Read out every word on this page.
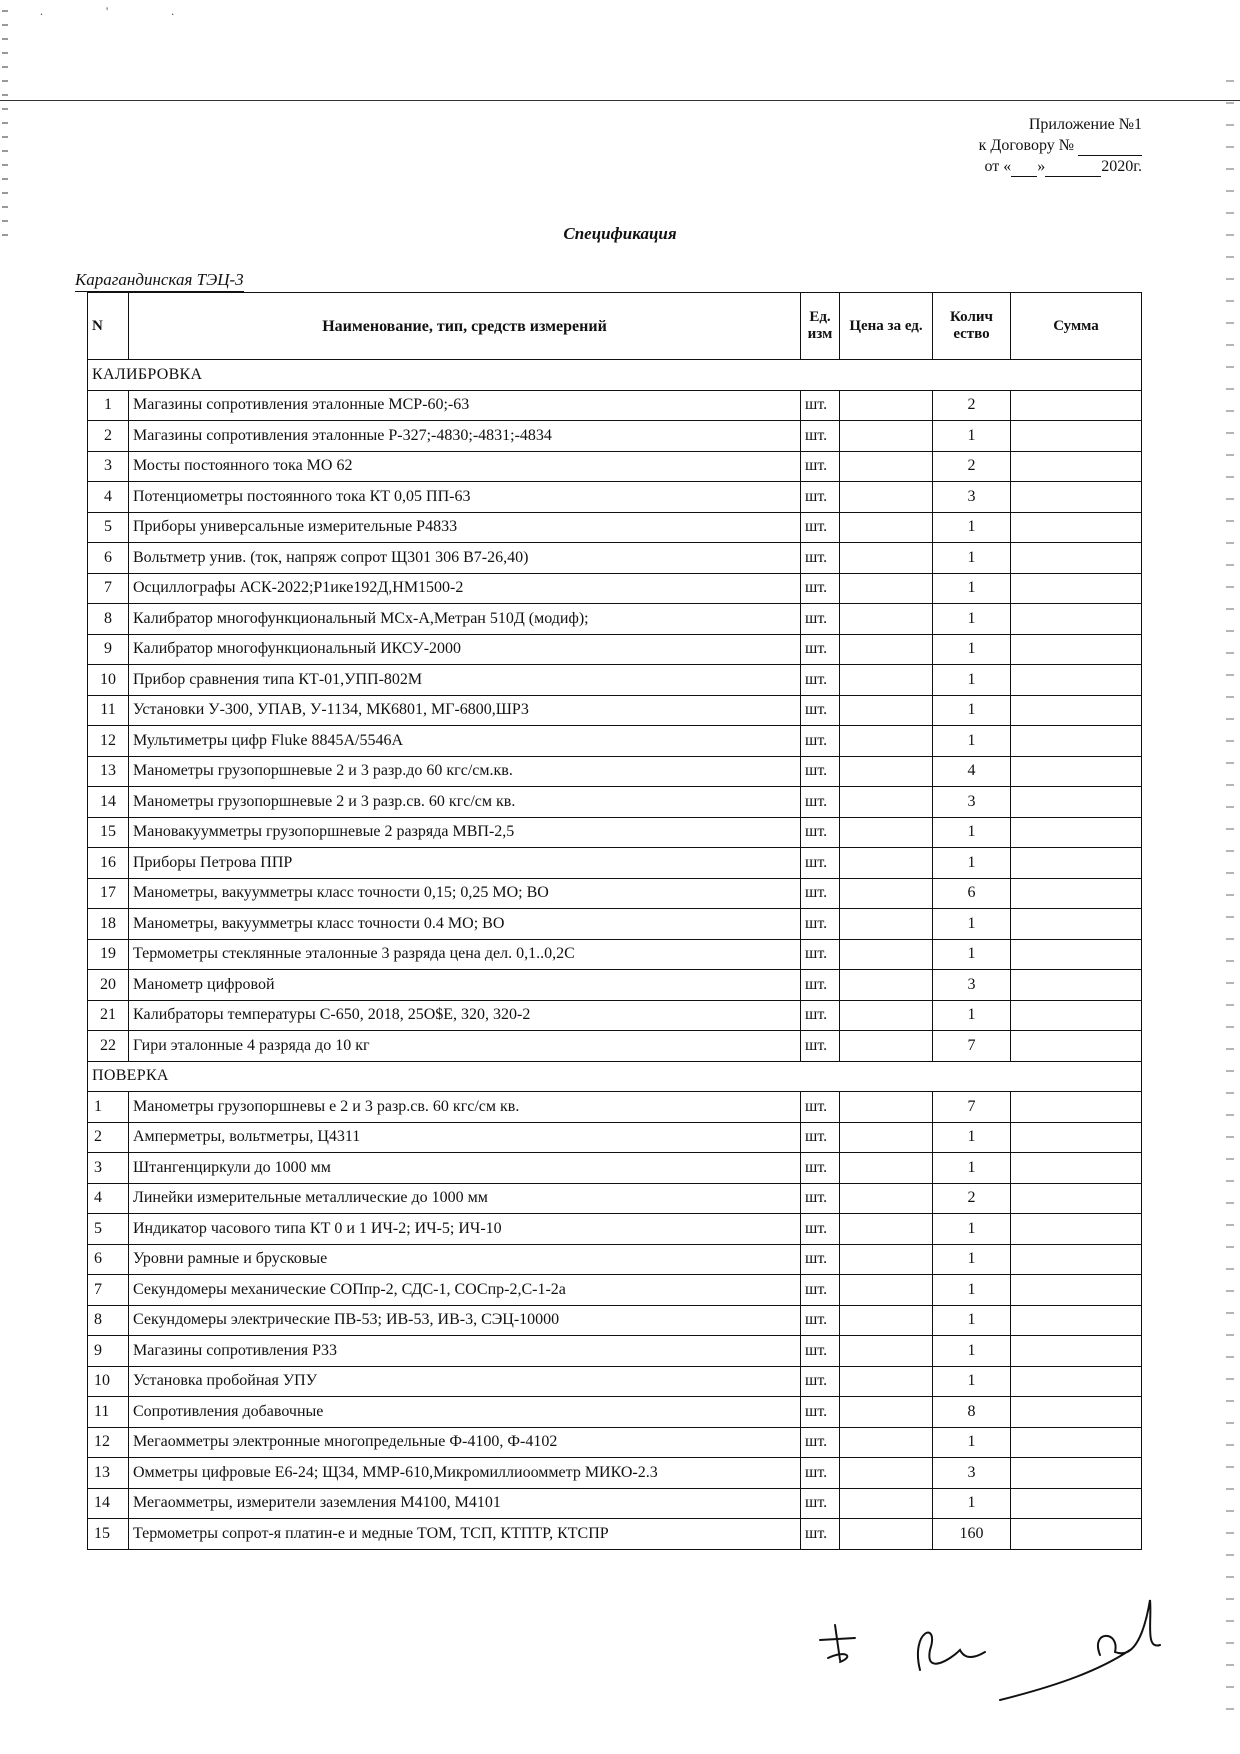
. ' .
Приложение №1
к Договору №
от « »	2020г.
Спецификация
Карагандинская ТЭЦ-3
N	Наименование, тип, средств измерений	Ед. изм	Цена за ед.	Колич ество	Сумма
КАЛИБРОВКА					
1	Магазины сопротивления эталонные МСР-60;-63	шт.		2	
2	Магазины сопротивления эталонные Р-327;-4830;-4831;-4834	шт.		1	
3	Мосты постоянного тока МО 62	шт.		2	
4	Потенциометры постоянного тока КТ 0,05 ПП-63	шт.		3	
5	Приборы универсальные измерительные Р4833	шт.		1	
6	Вольтметр унив. (ток, напряж сопрот Щ301 306 В7-26,40)	шт.		1	
7	Осциллографы АСК-2022;Р1ике192Д,НМ1500-2	шт.		1	
8	Калибратор многофункциональный МСх-А,Метран 510Д (модиф);	шт.		1	
9	Калибратор многофункциональный ИКСУ-2000	шт.		1	
10	Прибор сравнения типа КТ-01,УПП-802М	шт.		1	
11	Установки У-300, УПАВ, У-1134, МК6801, МГ-6800,ШР3	шт.		1	
12	Мультиметры цифр Fluke 8845А/5546А	шт.		1	
13	Манометры грузопоршневые 2 и 3 разр.до 60 кгс/см.кв.	шт.		4	
14	Манометры грузопоршневые 2 и 3 разр.св. 60 кгс/см кв.	шт.		3	
15	Мановакуумметры грузопоршневые 2 разряда МВП-2,5	шт.		1	
16	Приборы Петрова ППР	шт.		1	
17	Манометры, вакуумметры класс точности 0,15; 0,25 МО; ВО	шт.		6	
18	Манометры, вакуумметры класс точности 0.4 МО; ВО	шт.		1	
19	Термометры стеклянные эталонные 3 разряда цена дел. 0,1..0,2С	шт.		1	
20	Манометр цифровой	шт.		3	
21	Калибраторы температуры С-650, 2018, 25О$Е, 320, 320-2	шт.		1	
22	Гири эталонные 4 разряда до 10 кг	шт.		7	
ПОВЕРКА					
1	Манометры грузопоршневы е 2 и 3 разр.св. 60 кгс/см кв.	шт.		7	
2	Амперметры, вольтметры, Ц4311	шт.		1	
3	Штангенциркули до 1000 мм	шт.		1	
4	Линейки измерительные металлические до 1000 мм	шт.		2	
5	Индикатор часового типа КТ 0 и 1 ИЧ-2; ИЧ-5; ИЧ-10	шт.		1	
6	Уровни рамные и брусковые	шт.		1	
7	Секундомеры механические СОПпр-2, СДС-1, СОСпр-2,С-1-2а	шт.		1	
8	Секундомеры электрические ПВ-53; ИВ-53, ИВ-3, СЭЦ-10000	шт.		1	
9	Магазины сопротивления Р33	шт.		1	
10	Установка пробойная УПУ	шт.		1	
11	Сопротивления добавочные	шт.		8	
12	Мегаомметры электронные многопредельные Ф-4100, Ф-4102	шт.		1	
13	Омметры цифровые Е6-24; Щ34, ММР-610,Микромиллиоомметр МИКО-2.3	шт.		3	
14	Мегаомметры, измерители заземления М4100, М4101	шт.		1	
15	Термометры сопрот-я платин-е и медные ТОМ, ТСП, КТПТР, КТСПР	шт.		160	
